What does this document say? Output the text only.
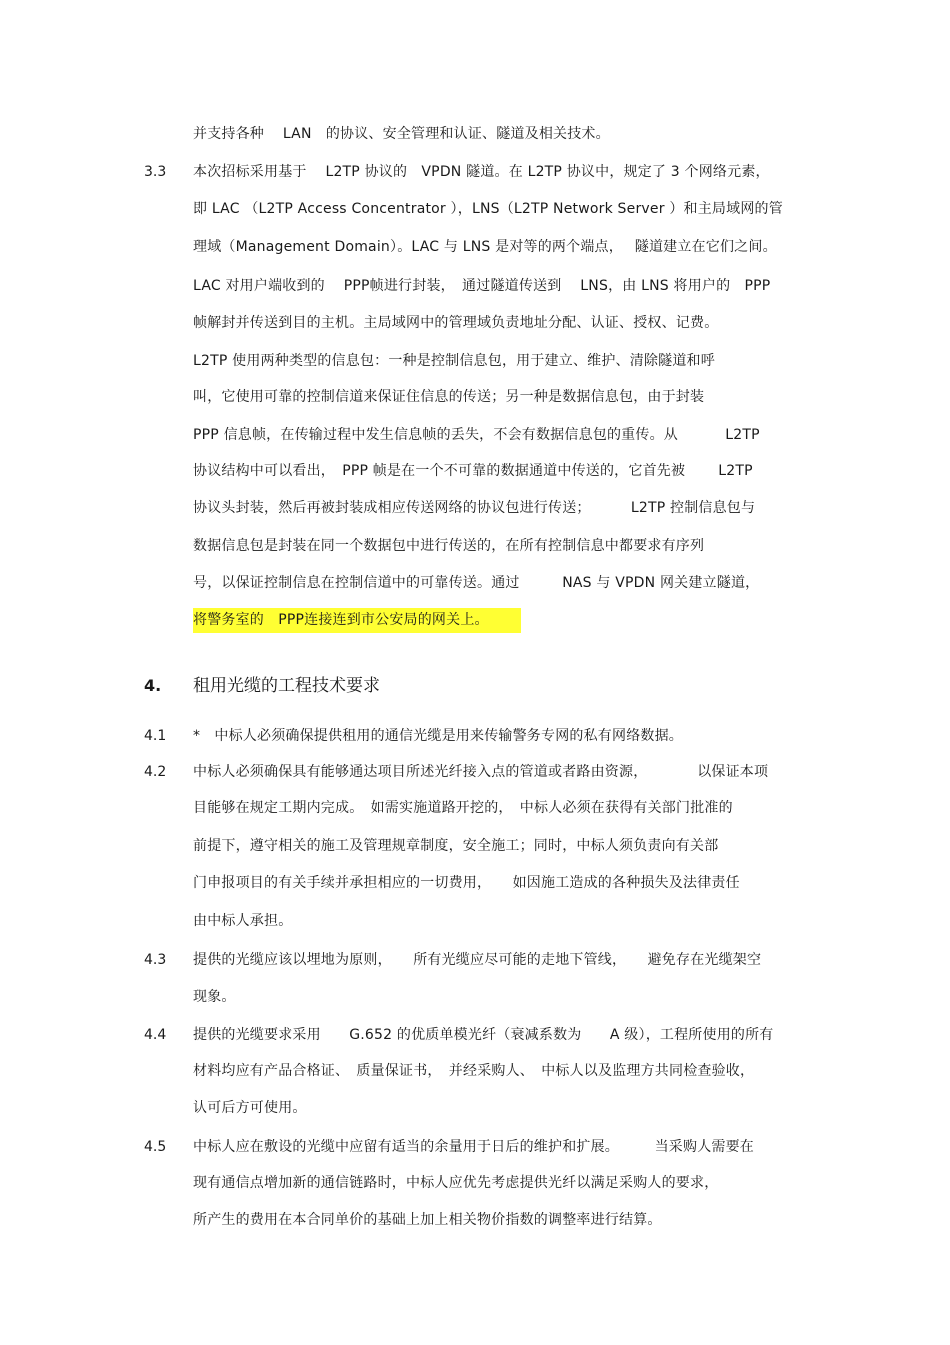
并支持各种　 LAN　的协议、安全管理和认证、隧道及相关技术。
3.3 本次招标采用基于　 L2TP 协议的　VPDN 隧道。在 L2TP 协议中，规定了 3 个网络元素，
即 LAC （L2TP Access Concentrator ），LNS（L2TP Network Server ）和主局域网的管
理域（Management Domain）。LAC 与 LNS 是对等的两个端点，　 隧道建立在它们之间。
LAC 对用户端收到的　 PPP帧进行封装，　通过隧道传送到　 LNS，由 LNS 将用户的　PPP
帧解封并传送到目的主机。主局域网中的管理域负责地址分配、认证、授权、记费。
L2TP 使用两种类型的信息包：一种是控制信息包，用于建立、维护、清除隧道和呼
叫，它使用可靠的控制信道来保证住信息的传送；另一种是数据信息包，由于封装
PPP 信息帧，在传输过程中发生信息帧的丢失，不会有数据信息包的重传。从　　　 L2TP
协议结构中可以看出，　PPP 帧是在一个不可靠的数据通道中传送的，它首先被　　 L2TP
协议头封装，然后再被封装成相应传送网络的协议包进行传送；　　　 L2TP 控制信息包与
数据信息包是封装在同一个数据包中进行传送的，在所有控制信息中都要求有序列
号，以保证控制信息在控制信道中的可靠传送。通过　　　NAS 与 VPDN 网关建立隧道，
将警务室的　PPP连接连到市公安局的网关上。
4. 租用光缆的工程技术要求
4.1 *　中标人必须确保提供租用的通信光缆是用来传输警务专网的私有网络数据。
4.2 中标人必须确保具有能够通达项目所述光纤接入点的管道或者路由资源，　　　　以保证本项
目能够在规定工期内完成。　如需实施道路开挖的，　中标人必须在获得有关部门批准的
前提下，遵守相关的施工及管理规章制度，安全施工；同时，中标人须负责向有关部
门申报项目的有关手续并承担相应的一切费用，　　如因施工造成的各种损失及法律责任
由中标人承担。
4.3 提供的光缆应该以埋地为原则，　　所有光缆应尽可能的走地下管线，　　避免存在光缆架空
现象。
4.4 提供的光缆要求采用　　G.652 的优质单模光纤（衰减系数为　　A 级），工程所使用的所有
材料均应有产品合格证、　质量保证书，　并经采购人、　中标人以及监理方共同检查验收，
认可后方可使用。
4.5 中标人应在敷设的光缆中应留有适当的余量用于日后的维护和扩展。　　　当采购人需要在
现有通信点增加新的通信链路时，中标人应优先考虑提供光纤以满足采购人的要求，
所产生的费用在本合同单价的基础上加上相关物价指数的调整率进行结算。
